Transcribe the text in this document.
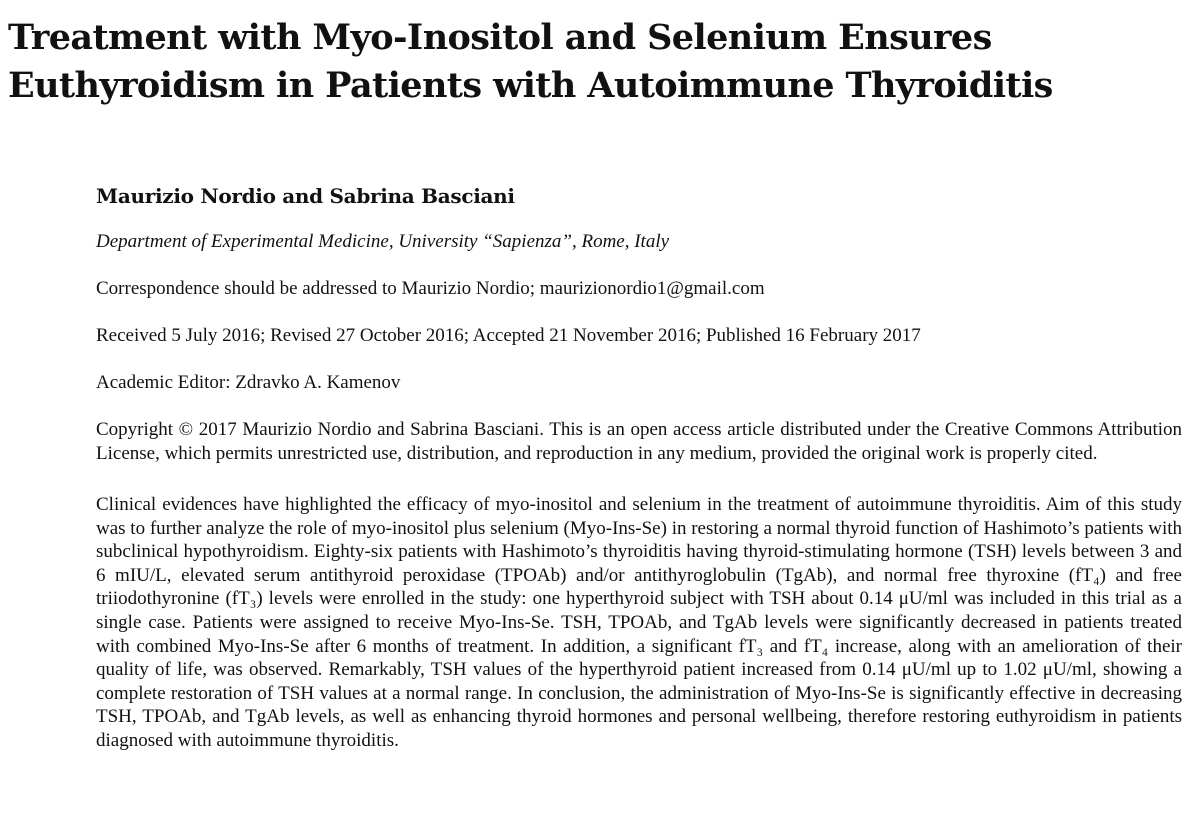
Treatment with Myo-Inositol and Selenium Ensures
Euthyroidism in Patients with Autoimmune Thyroiditis

Maurizio Nordio and Sabrina Basciani

Department of Experimental Medicine, University “Sapienza”, Rome, Italy

Correspondence should be addressed to Maurizio Nordio; maurizionordio1@gmail.com

Received 5 July 2016; Revised 27 October 2016; Accepted 21 November 2016; Published 16 February 2017

Academic Editor: Zdravko A. Kamenov

Copyright © 2017 Maurizio Nordio and Sabrina Basciani. This is an open access article distributed under the Creative Commons Attribution License, which permits unrestricted use, distribution, and reproduction in any medium, provided the original work is properly cited.

Clinical evidences have highlighted the efficacy of myo-inositol and selenium in the treatment of autoimmune thyroiditis. Aim of this study was to further analyze the role of myo-inositol plus selenium (Myo-Ins-Se) in restoring a normal thyroid function of Hashimoto’s patients with subclinical hypothyroidism. Eighty-six patients with Hashimoto’s thyroiditis having thyroid-stimulating hormone (TSH) levels between 3 and 6 mIU/L, elevated serum antithyroid peroxidase (TPOAb) and/or antithyroglobulin (TgAb), and normal free thyroxine (fT₄) and free triiodothyronine (fT₃) levels were enrolled in the study: one hyperthyroid subject with TSH about 0.14 μU/ml was included in this trial as a single case. Patients were assigned to receive Myo-Ins-Se. TSH, TPOAb, and TgAb levels were significantly decreased in patients treated with combined Myo-Ins-Se after 6 months of treatment. In addition, a significant fT₃ and fT₄ increase, along with an amelioration of their quality of life, was observed. Remarkably, TSH values of the hyperthyroid patient increased from 0.14 μU/ml up to 1.02 μU/ml, showing a complete restoration of TSH values at a normal range. In conclusion, the administration of Myo-Ins-Se is significantly effective in decreasing TSH, TPOAb, and TgAb levels, as well as enhancing thyroid hormones and personal wellbeing, therefore restoring euthyroidism in patients diagnosed with autoimmune thyroiditis.
